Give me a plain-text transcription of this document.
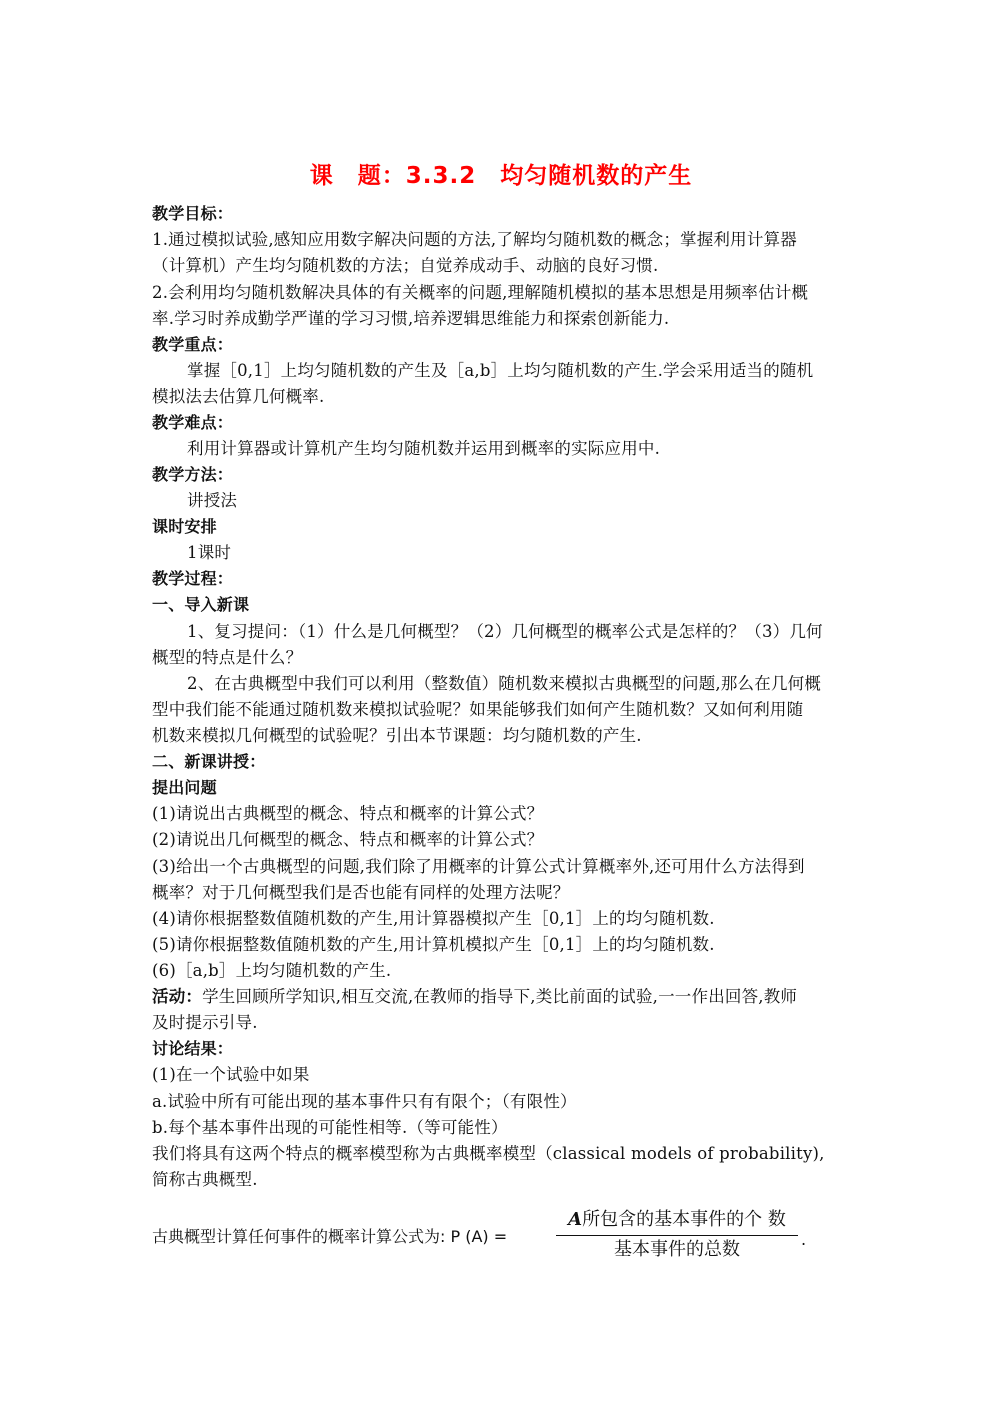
课　题：3.3.2　均匀随机数的产生
教学目标：
1.通过模拟试验,感知应用数字解决问题的方法,了解均匀随机数的概念；掌握利用计算器
（计算机）产生均匀随机数的方法；自觉养成动手、动脑的良好习惯.
2.会利用均匀随机数解决具体的有关概率的问题,理解随机模拟的基本思想是用频率估计概
率.学习时养成勤学严谨的学习习惯,培养逻辑思维能力和探索创新能力.
教学重点：
掌握［0,1］上均匀随机数的产生及［a,b］上均匀随机数的产生.学会采用适当的随机
模拟法去估算几何概率.
教学难点：
利用计算器或计算机产生均匀随机数并运用到概率的实际应用中.
教学方法：
讲授法
课时安排
1课时
教学过程：
一、导入新课
1、复习提问：（1）什么是几何概型？（2）几何概型的概率公式是怎样的？（3）几何
概型的特点是什么？
2、在古典概型中我们可以利用（整数值）随机数来模拟古典概型的问题,那么在几何概
型中我们能不能通过随机数来模拟试验呢？如果能够我们如何产生随机数？又如何利用随
机数来模拟几何概型的试验呢？引出本节课题：均匀随机数的产生.
二、新课讲授：
提出问题
(1)请说出古典概型的概念、特点和概率的计算公式？
(2)请说出几何概型的概念、特点和概率的计算公式？
(3)给出一个古典概型的问题,我们除了用概率的计算公式计算概率外,还可用什么方法得到
概率？对于几何概型我们是否也能有同样的处理方法呢？
(4)请你根据整数值随机数的产生,用计算器模拟产生［0,1］上的均匀随机数.
(5)请你根据整数值随机数的产生,用计算机模拟产生［0,1］上的均匀随机数.
(6)［a,b］上均匀随机数的产生.
活动：学生回顾所学知识,相互交流,在教师的指导下,类比前面的试验,一一作出回答,教师
及时提示引导.
讨论结果：
(1)在一个试验中如果
a.试验中所有可能出现的基本事件只有有限个；（有限性）
b.每个基本事件出现的可能性相等.（等可能性）
我们将具有这两个特点的概率模型称为古典概率模型（classical models of probability),
简称古典概型.
古典概型计算任何事件的概率计算公式为: P (A) =
A所包含的基本事件的个 数
基本事件的总数	.
